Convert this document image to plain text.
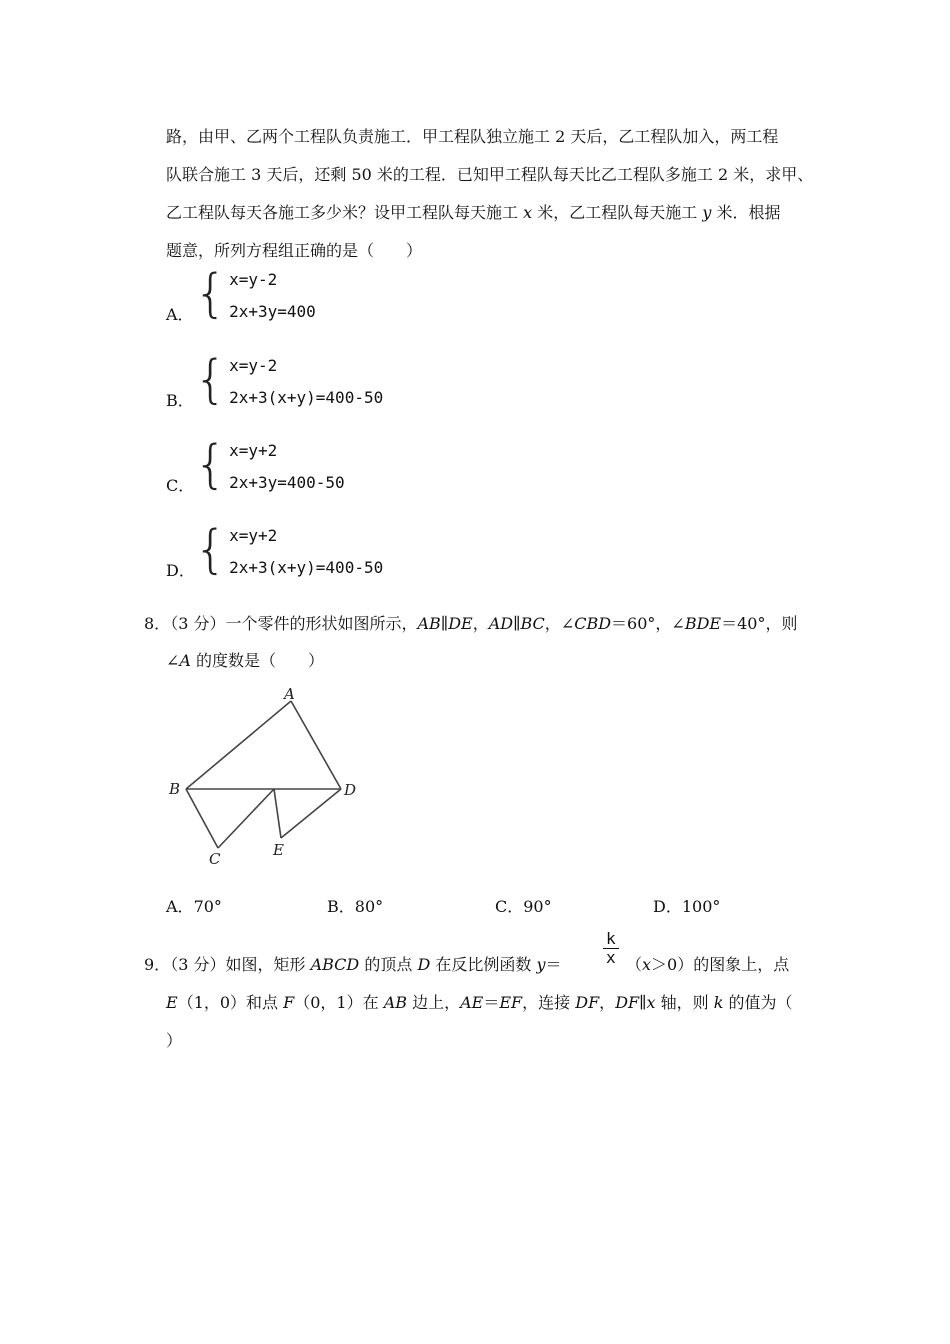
路，由甲、乙两个工程队负责施工．甲工程队独立施工 2 天后，乙工程队加入，两工程
队联合施工 3 天后，还剩 50 米的工程．已知甲工程队每天比乙工程队多施工 2 米，求甲、
乙工程队每天各施工多少米？设甲工程队每天施工 x 米，乙工程队每天施工 y 米．根据
题意，所列方程组正确的是（　　）
A． { x=y-2
2x+3y=400
B． { x=y-2
2x+3(x+y)=400-50
C． { x=y+2
2x+3y=400-50
D． { x=y+2
2x+3(x+y)=400-50
8．（3 分）一个零件的形状如图所示，AB∥DE，AD∥BC，∠CBD＝60°，∠BDE＝40°，则
∠A 的度数是（　　）
A
B
C
D
E
A．70°	B．80°	C．90°	D．100°
9．（3 分）如图，矩形 ABCD 的顶点 D 在反比例函数 y＝	$\frac{k}{x} (x>0)$的图象上，点
E（1，0）和点 F（0，1）在 AB 边上，AE＝EF，连接 DF，DF∥x 轴，则 k 的值为（
）
